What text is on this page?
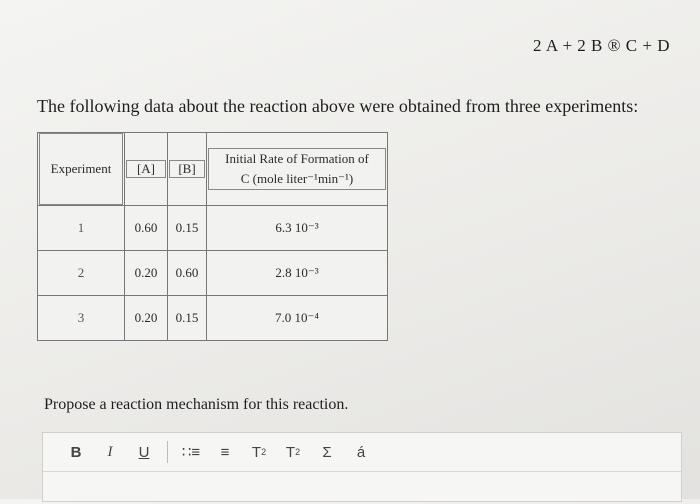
2 A + 2 B ® C + D
The following data about the reaction above were obtained from three experiments:
Experiment	[A]	[B]	Initial Rate of Formation of
C (mole liter⁻¹min⁻¹)

1	0.60	0.15	6.3 10⁻³
2	0.20	0.60	2.8 10⁻³
3	0.20	0.15	7.0 10⁻⁴
Propose a reaction mechanism for this reaction.
B	I	U	∷≡ ≡ T 2 T 2 Σ á
